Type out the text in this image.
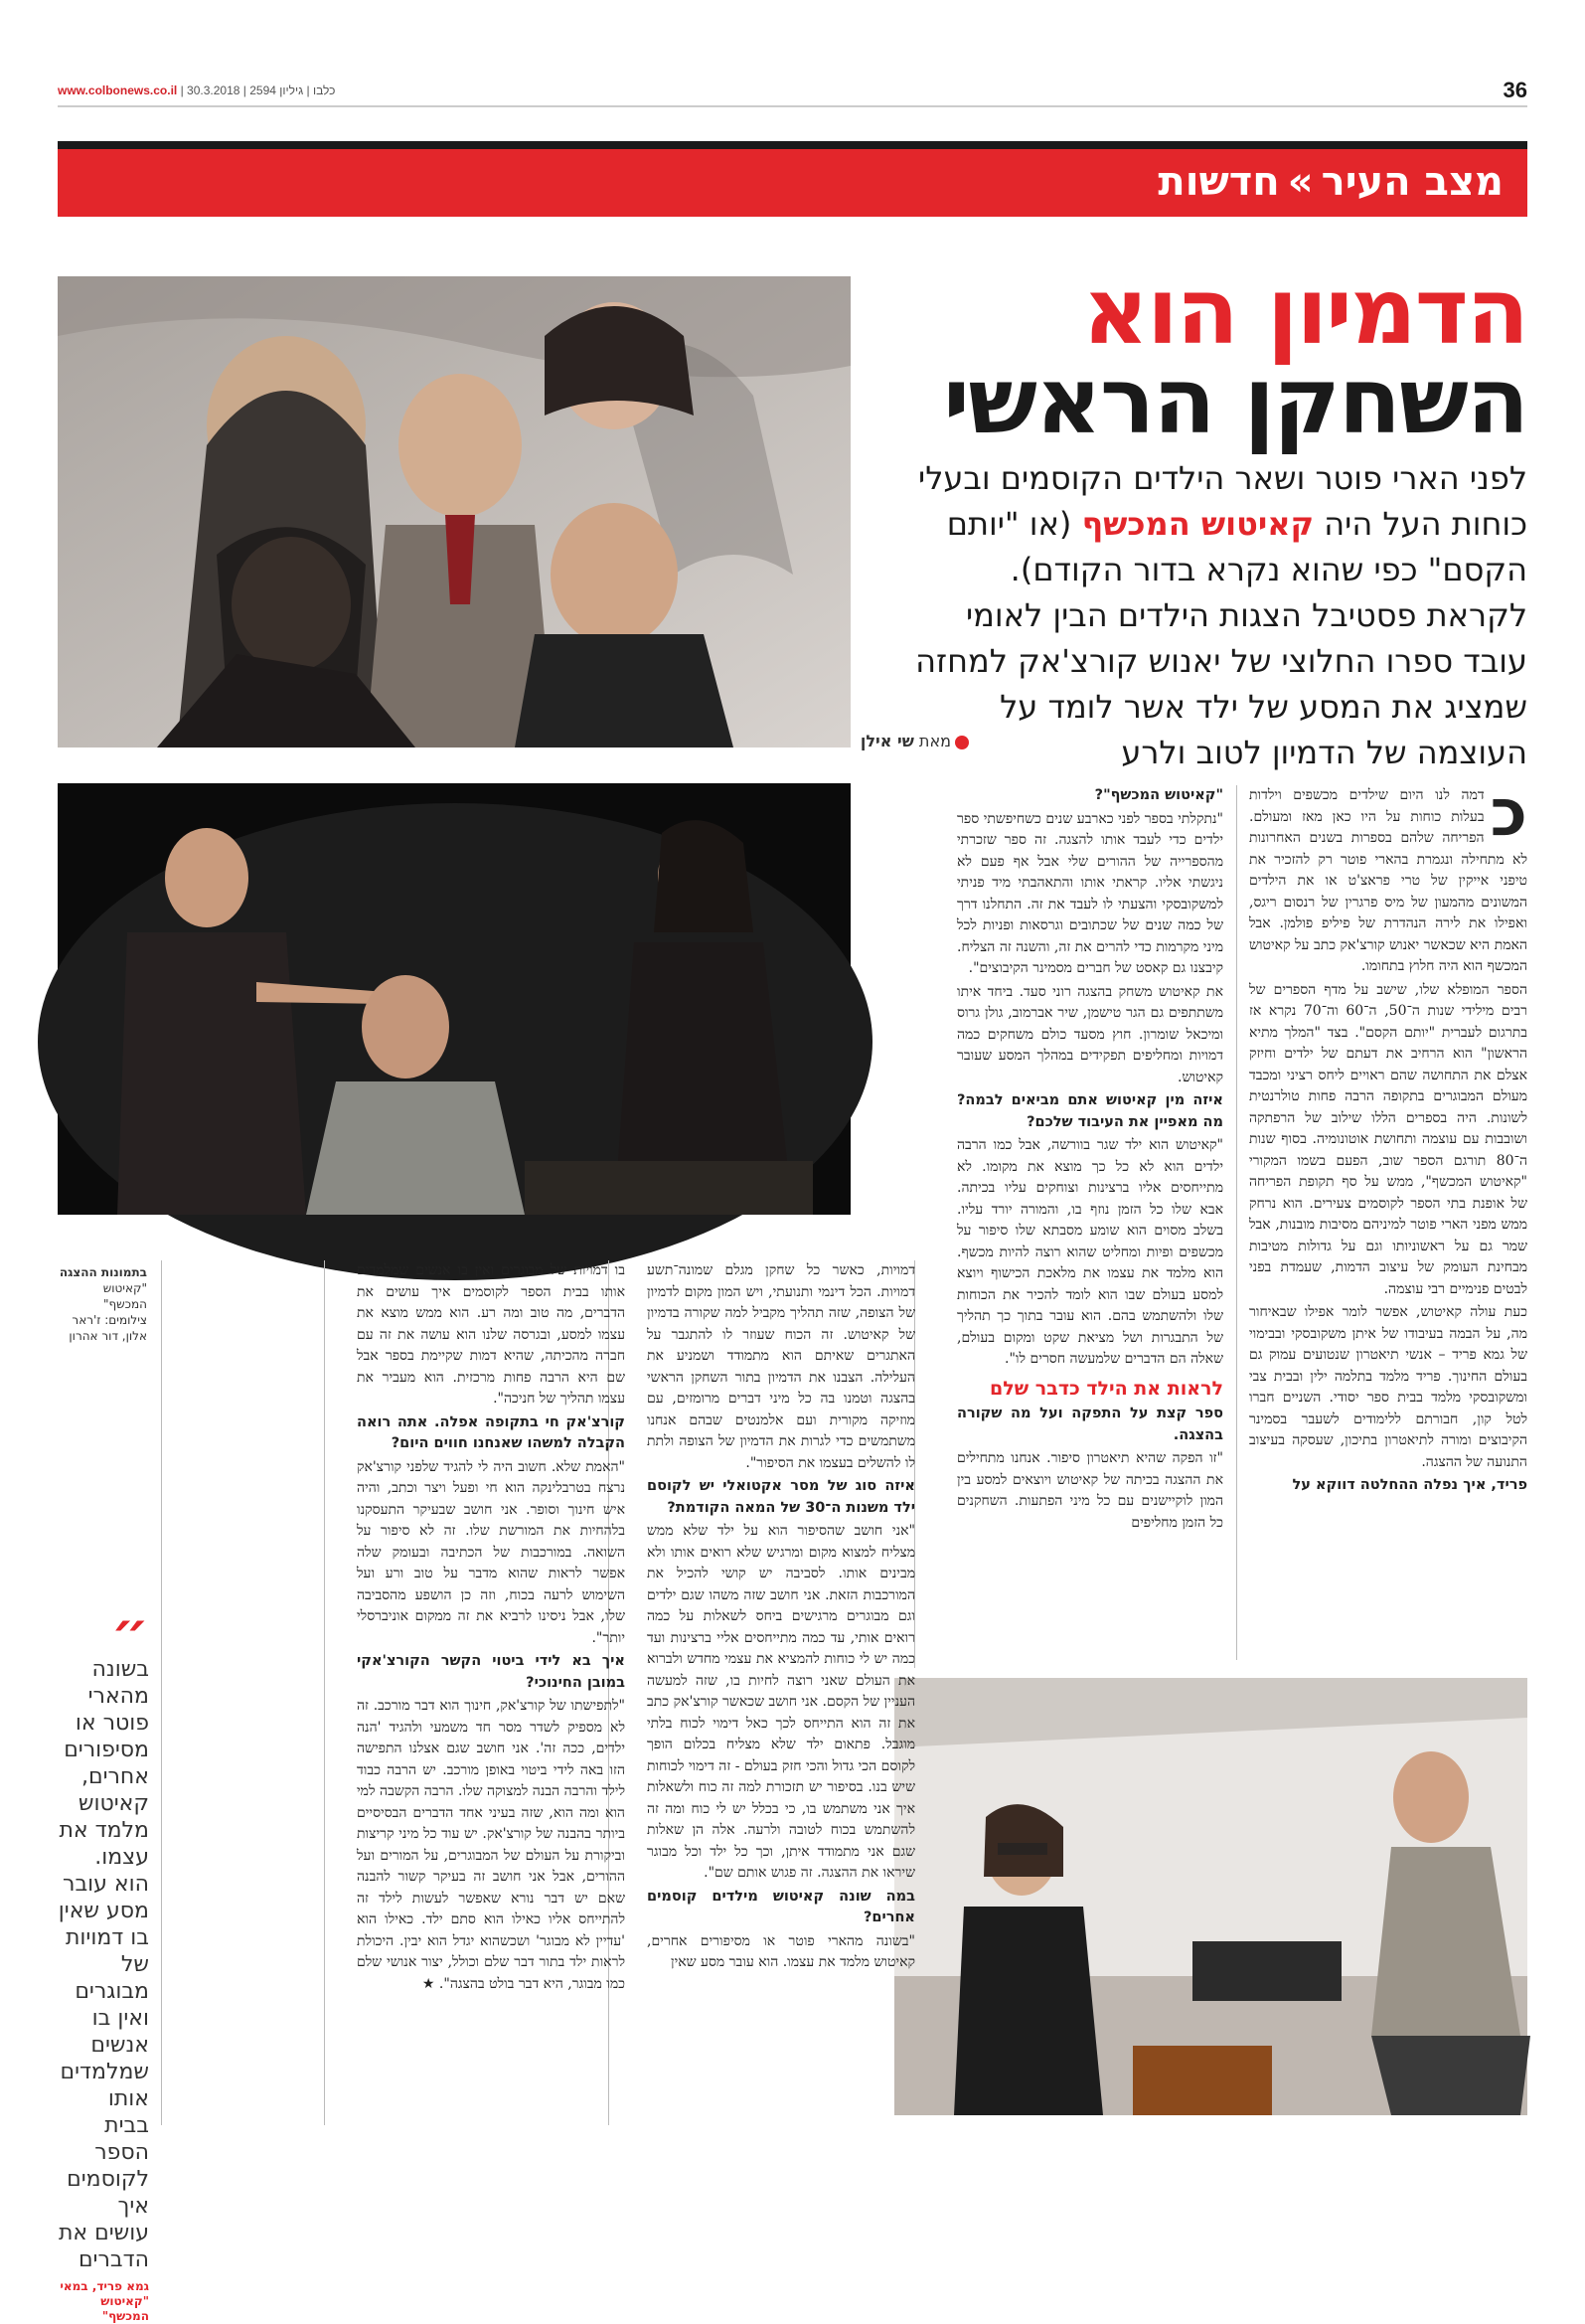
www.colbonews.co.il | כלבו | גיליון 2594 | 30.3.2018	36
מצב העיר»חדשות
הדמיון הוא
השחקן הראשי
לפני הארי פוטר ושאר הילדים הקוסמים ובעלי כוחות העל היה קאיטוש המכשף (או "יותם הקסם" כפי שהוא נקרא בדור הקודם). לקראת פסטיבל הצגות הילדים הבין לאומי עובד ספרו החלוצי של יאנוש קורצ'אק למחזה שמציג את המסע של ילד אשר לומד על העוצמה של הדמיון לטוב ולרע
מאת שי אילן

כ
דמה לנו היום שילדים מכשפים וילדות בעלות כוחות על היו כאן מאז ומעולם. הפריחה שלהם בספרות בשנים האחרונות לא מתחילה ונגמרת בהארי פוטר רק להזכיר את טיפני אייקין של טרי פראצ'ט או את הילדים המשונים מהמעון של מיס פרגרין של רנסום ריגס, ואפילו את לירה הנהדרת של פיליפ פולמן. אבל האמת היא שכאשר יאנוש קורצ'אק כתב על קאיטוש המכשף הוא היה חלוץ בתחומו.

הספר המופלא שלו, שישב על מדף הספרים של רבים מילידי שנות ה־50, ה־60 וה־70 נקרא אז בתרגום לעברית "יותם הקסם". בצד "המלך מתיא הראשון" הוא הרחיב את דעתם של ילדים וחיזק אצלם את התחושה שהם ראויים ליחס רציני ומכבד מעולם המבוגרים בתקופה הרבה פחות טולרנטית לשונות. היה בספרים הללו שילוב של הרפתקה ושובבות עם עוצמה ותחושת אוטונומיה. בסוף שנות ה־80 תורגם הספר שוב, הפעם בשמו המקורי "קאיטוש המכשף", ממש על סף תקופת הפריחה של אופנת בתי הספר לקוסמים צעירים. הוא נרחק ממש מפני הארי פוטר למיניהם מסיבות מובנות, אבל שמר גם על ראשוניותו וגם על גדולות מטיבות מבחינת העומק של עיצוב הדמות, שעמדת בפני לבטים פנימיים רבי עוצמה.

כעת עולה קאיטוש, אפשר לומר אפילו שבאיחור מה, על הבמה בעיבודו של איתן משקובסקי ובבימוי של גמא פריד – אנשי תיאטרון שנטועים עמוק גם בעולם החינוך. פריד מלמד בתלמה ילין ובבית צבי ומשקובסקי מלמד בבית ספר יסודי. השניים חברו לטל קון, חבורתם ללימודים לשעבר בסמינר הקיבוצים ומורה לתיאטרון בתיכון, שעסקה בעיצוב התנועה של ההצגה.

פריד, איך נפלה ההחלטה דווקא על

"קאיטוש המכשף"?

"נתקלתי בספר לפני כארבע שנים כשחיפשתי ספר ילדים כדי לעבד אותו להצגה. זה ספר שזכרתי מהספרייה של ההורים שלי אבל אף פעם לא ניגשתי אליו. קראתי אותו והתאהבתי מיד פניתי למשקובסקי והצעתי לו לעבד את זה. התחלנו דרך של כמה שנים של שכתובים וגרסאות ופניות לכל מיני מקרמות כדי להרים את זה, והשנה זה הצליח. קיבצנו גם קאסט של חברים מסמינר הקיבוצים".

את קאיטוש משחק בהצגה רוני סעד. ביחד איתו משתתפים גם הגר טישמן, שיר אברמוב, גולן גרוס ומיכאל שומרון. חוץ מסעד כולם משחקים כמה דמויות ומחליפים תפקידים במהלך המסע שעובר קאיטוש.

איזה מין קאיטוש אתם מביאים לבמה? מה מאפיין את העיבוד שלכם?

"קאיטוש הוא ילד שגר בוורשה, אבל כמו הרבה ילדים הוא לא כל כך מוצא את מקומו. לא מתייחסים אליו ברצינות וצוחקים עליו בכיתה. אבא שלו כל הזמן נוזף בו, והמורה יורד עליו. בשלב מסוים הוא שומע מסבתא שלו סיפור על מכשפים ופיות ומחליט שהוא רוצה להיות מכשף. הוא מלמד את עצמו את מלאכת הכישוף ויוצא למסע בעולם שבו הוא לומד להכיר את הכוחות שלו ולהשתמש בהם. הוא עובר בתוך כך תהליך של התבגרות ושל מציאת שקט ומקום בעולם, שאלה הם הדברים שלמעשה חסרים לו".

לראות את הילד כדבר שלם

ספר קצת על התפקה ועל מה שקורה בהצגה.

"זו הפקה שהיא תיאטרון סיפור. אנחנו מתחילים את ההצגה בכיתה של קאיטוש ויוצאים למסע בין המון לוקיישנים עם כל מיני הפתעות. השחקנים כל הזמן מחליפים

דמויות, כאשר כל שחקן מגלם שמונה־תשע דמויות. הכל דינמי ותנועתי, ויש המון מקום לדמיון של הצופה, שזה תהליך מקביל למה שקורה בדמיון של קאיטוש. זה הכוח שעוזר לו להתגבר על האתגרים שאיתם הוא מתמודד ושמניע את העלילה. הצבנו את הדמיון בתור השחקן הראשי בהצגה וטמנו בה כל מיני דברים מרומזים, עם מוזיקה מקורית ועם אלמנטים שבהם אנחנו משתמשים כדי לגרות את הדמיון של הצופה ולתת לו להשלים בעצמו את הסיפור".

איזה סוג של מסר אקטואלי יש לקוסם ילד משנות ה־30 של המאה הקודמת?

"אני חושב שהסיפור הוא על ילד שלא ממש מצליח למצוא מקום ומרגיש שלא רואים אותו ולא מבינים אותו. לסביבה יש קושי להכיל את המורכבות הזאת. אני חושב שזה משהו שגם ילדים וגם מבוגרים מרגישים ביחס לשאלות על כמה רואים אותי, עד כמה מתייחסים אליי ברצינות ועד כמה יש לי כוחות להמציא את עצמי מחדש ולברוא את העולם שאני רוצה לחיות בו, שזה למעשה העניין של הקסם. אני חושב שכאשר קורצ'אק כתב את זה הוא התייחס לכך כאל דימוי לכוח בלתי מוגבל. פתאום ילד שלא מצליח בכלום הופך לקוסם הכי גדול והכי חזק בעולם - זה דימוי לכוחות שיש בנו. בסיפור יש תזכורת למה זה כוח ולשאלות איך אני משתמש בו, כי בכלל יש לי כוח ומה זה להשתמש בכוח לטובה ולרעה. אלה הן שאלות שגם אני מתמודד איתן, וכך כל ילד וכל מבוגר שיראו את ההצגה. זה פגוש אותם שם".

במה שונה קאיטוש מילדים קוסמים אחרים?

"בשונה מהארי פוטר או מסיפורים אחרים, קאיטוש מלמד את עצמו. הוא עובר מסע שאין

בו דמויות של מבוגרים ואין בו אנשים שמלמדים אותו בבית הספר לקוסמים איך עושים את הדברים, מה טוב ומה רע. הוא ממש מוצא את עצמו למסע, ובגרסה שלנו הוא עושה את זה עם חברה מהכיתה, שהיא דמות שקיימת בספר אבל שם היא הרבה פחות מרכזית. הוא מעביר את עצמו תהליך של חניכה".

קורצ'אק חי בתקופה אפלה. אתה רואה הקבלה למשהו שאנחנו חווים היום?

"האמת שלא. חשוב היה לי להגיד שלפני קורצ'אק נרצח בטרבלינקה הוא חי ופעל ויצר וכתב, והיה איש חינוך וסופר. אני חושב שבעיקר התעסקנו בלהחיות את המורשת שלו. זה לא סיפור על השואה. במורכבות של הכתיבה ובעומק שלה אפשר לראות שהוא מדבר על טוב ורע ועל השימוש לרעה בכוח, וזה כן הושפע מהסביבה שלו, אבל ניסינו לרביא את זה ממקום אוניברסלי יותר".

איך בא לידי ביטוי הקשר הקורצ'אקי במובן החינוכי?

"לתפישתו של קורצ'אק, חינוך הוא דבר מורכב. זה לא מספיק לשדר מסר חד משמעי ולהגיד 'הנה ילדים, ככה זה'. אני חושב שגם אצלנו התפישה הזו באה לידי ביטוי באופן מורכב. יש הרבה כבוד לילד והרבה הבנה למצוקה שלו. הרבה הקשבה למי הוא ומה הוא, שזה בעיני אחד הדברים הבסיסיים ביותר בהבנה של קורצ'אק. יש עוד כל מיני קריצות וביקורת על העולם של המבוגרים, על המורים ועל ההורים, אבל אני חושב זה בעיקר קשור להבנה שאם יש דבר נורא שאפשר לעשות לילד זה להתייחס אליו כאילו הוא סתם ילד. כאילו הוא 'עדיין לא מבוגר' ושכשהוא יגדל הוא יבין. היכולת לראות ילד בתור דבר שלם וכולל, יצור אנושי שלם כמו מבוגר, היא דבר בולט בהצגה". ★

בתמונות ההצגה
"קאיטוש המכשף" צילומים: ז'ראר אלון, דור אהרון
״
בשונה מהארי פוטר או מסיפורים אחרים, קאיטוש מלמד את עצמו. הוא עובר מסע שאין בו דמויות של מבוגרים ואין בו אנשים שמלמדים אותו בבית הספר לקוסמים איך עושים את הדברים
גמא פריד, במאי "קאיטוש המכשף"
